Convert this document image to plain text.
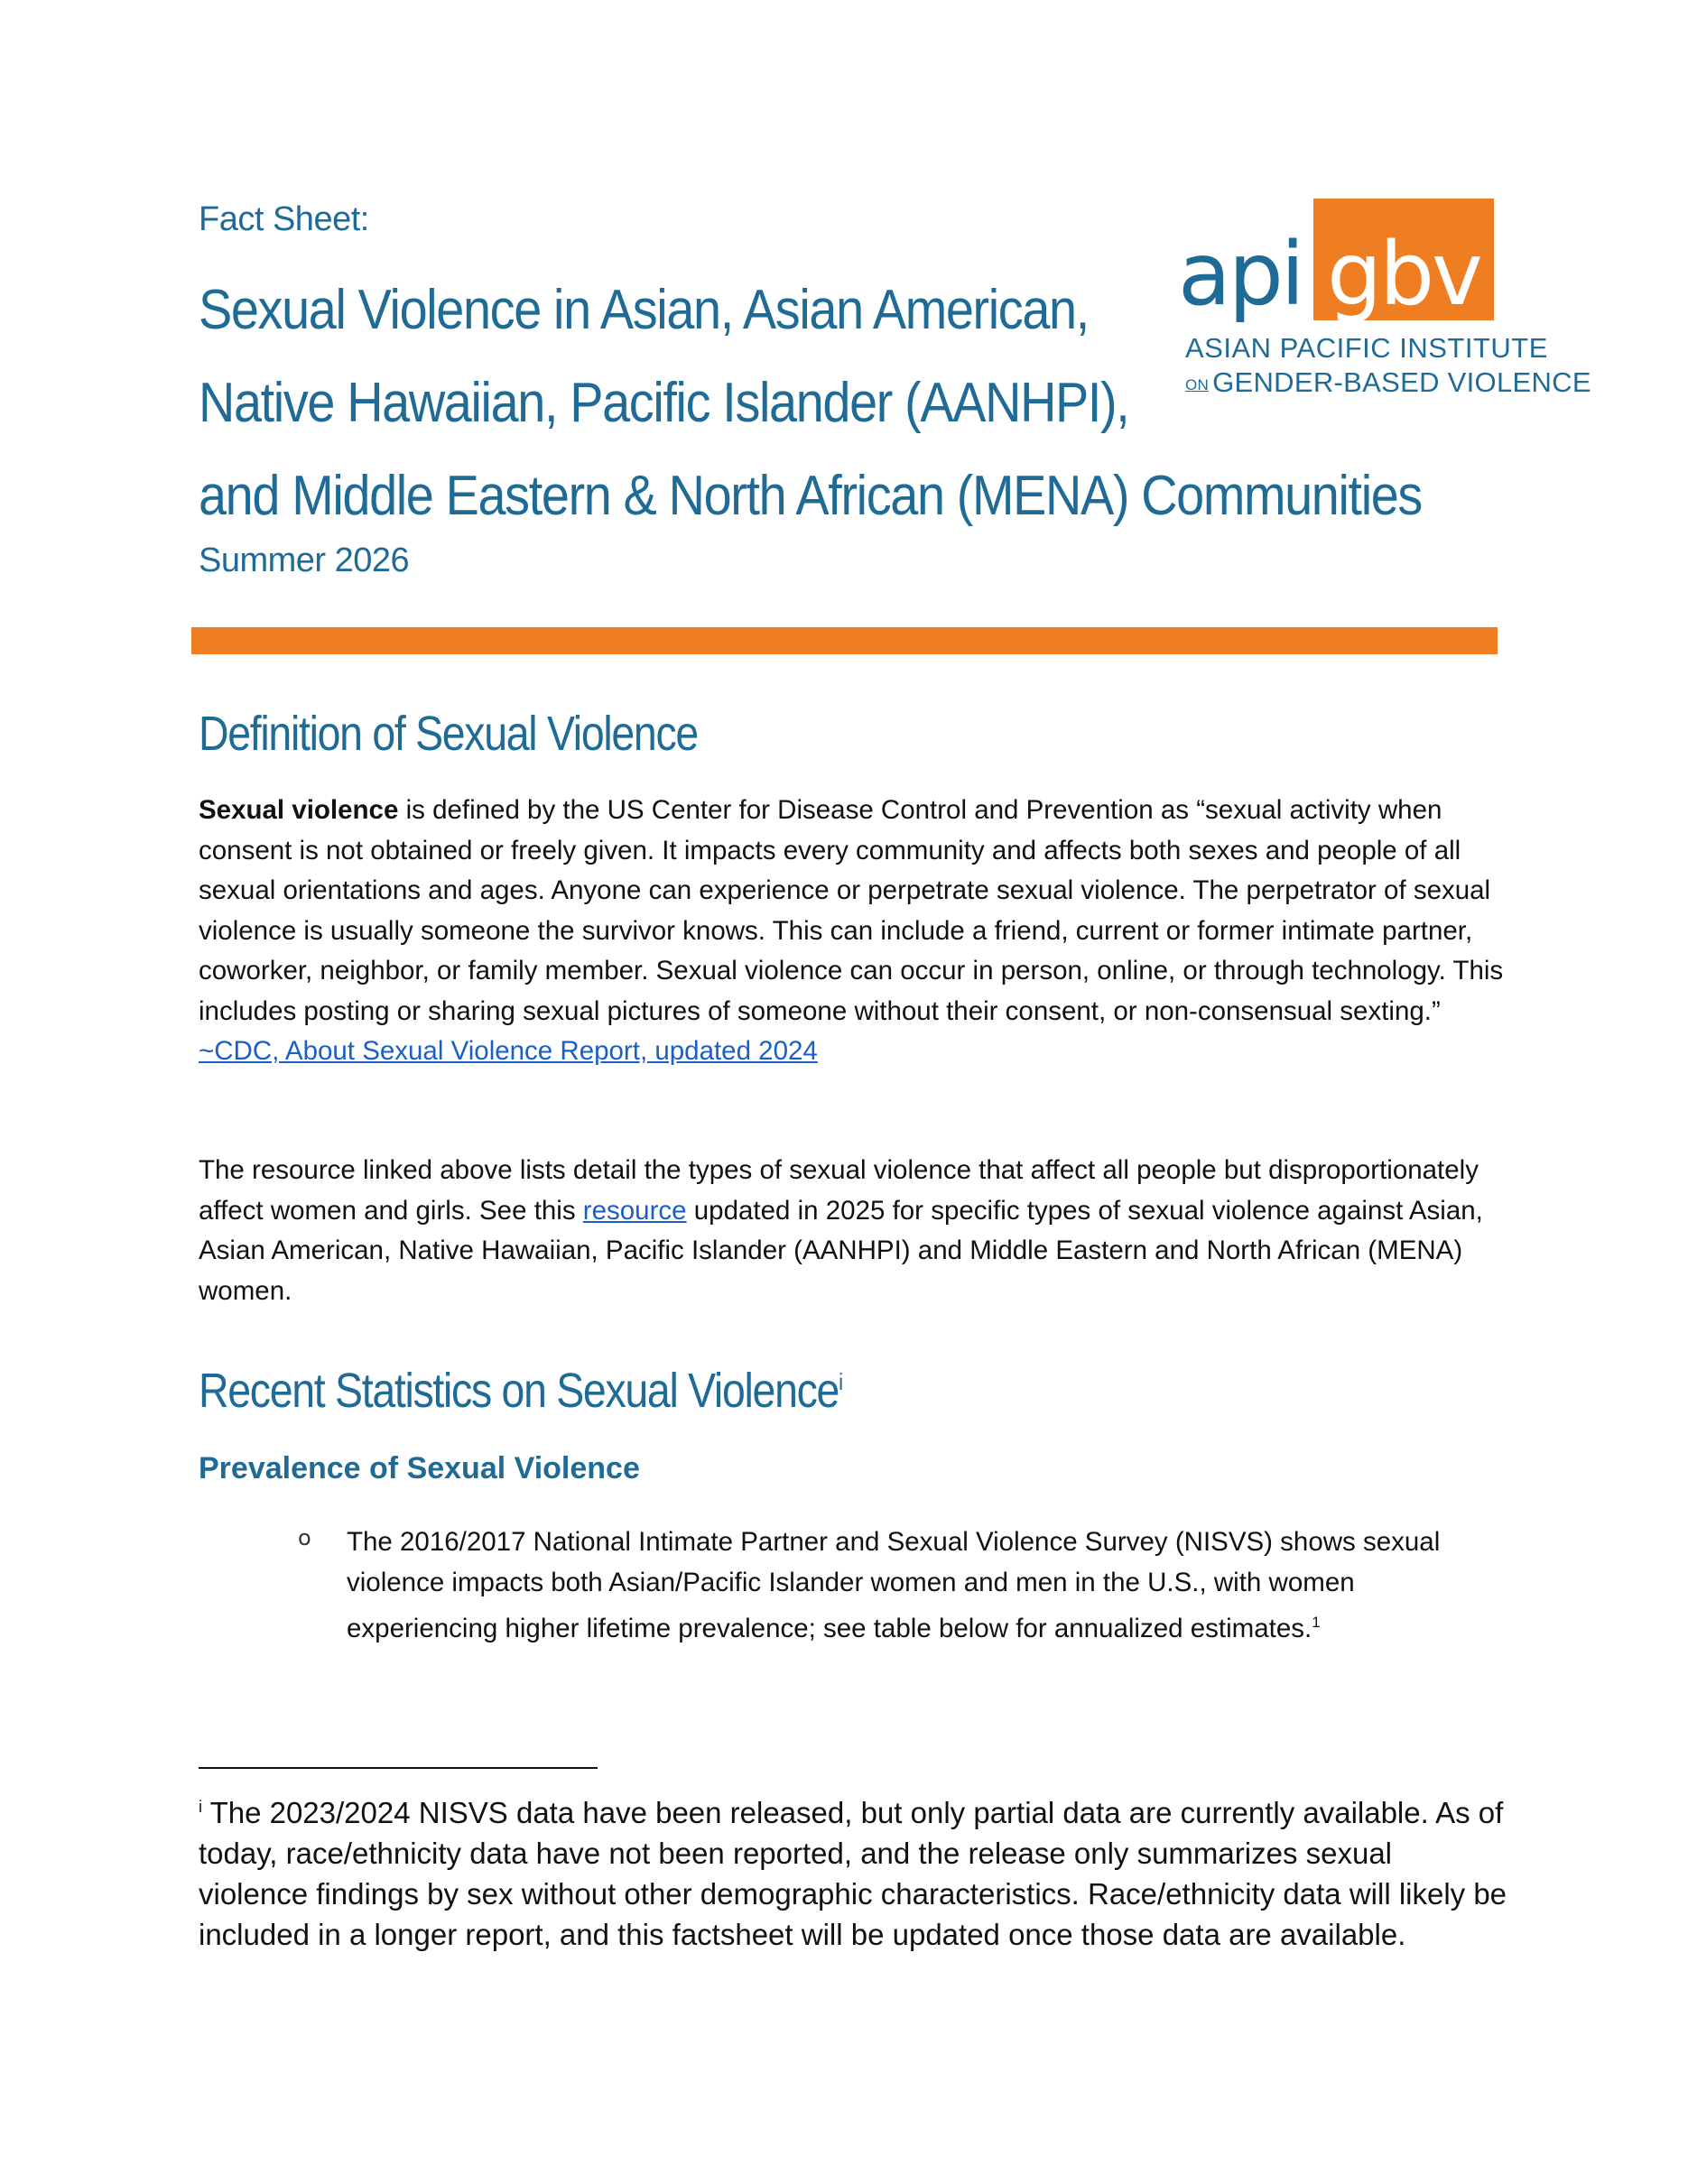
Fact Sheet:
Sexual Violence in Asian, Asian American,
Native Hawaiian, Pacific Islander (AANHPI),
and Middle Eastern & North African (MENA) Communities
Summer 2026
api gbv
ASIAN PACIFIC INSTITUTE
ON GENDER-BASED VIOLENCE
Definition of Sexual Violence

Sexual violence is defined by the US Center for Disease Control and Prevention as “sexual activity when consent is not obtained or freely given. It impacts every community and affects both sexes and people of all sexual orientations and ages. Anyone can experience or perpetrate sexual violence. The perpetrator of sexual violence is usually someone the survivor knows. This can include a friend, current or former intimate partner, coworker, neighbor, or family member. Sexual violence can occur in person, online, or through technology. This includes posting or sharing sexual pictures of someone without their consent, or non-consensual sexting.”
~CDC, About Sexual Violence Report, updated 2024

The resource linked above lists detail the types of sexual violence that affect all people but disproportionately affect women and girls. See this resource updated in 2025 for specific types of sexual violence against Asian, Asian American, Native Hawaiian, Pacific Islander (AANHPI) and Middle Eastern and North African (MENA) women.

Recent Statistics on Sexual Violence$^i$
Prevalence of Sexual Violence
o The 2016/2017 National Intimate Partner and Sexual Violence Survey (NISVS) shows sexual violence impacts both Asian/Pacific Islander women and men in the U.S., with women experiencing higher lifetime prevalence; see table below for annualized estimates.$^1$

$^i$ The 2023/2024 NISVS data have been released, but only partial data are currently available. As of today, race/ethnicity data have not been reported, and the release only summarizes sexual violence findings by sex without other demographic characteristics. Race/ethnicity data will likely be included in a longer report, and this factsheet will be updated once those data are available.
